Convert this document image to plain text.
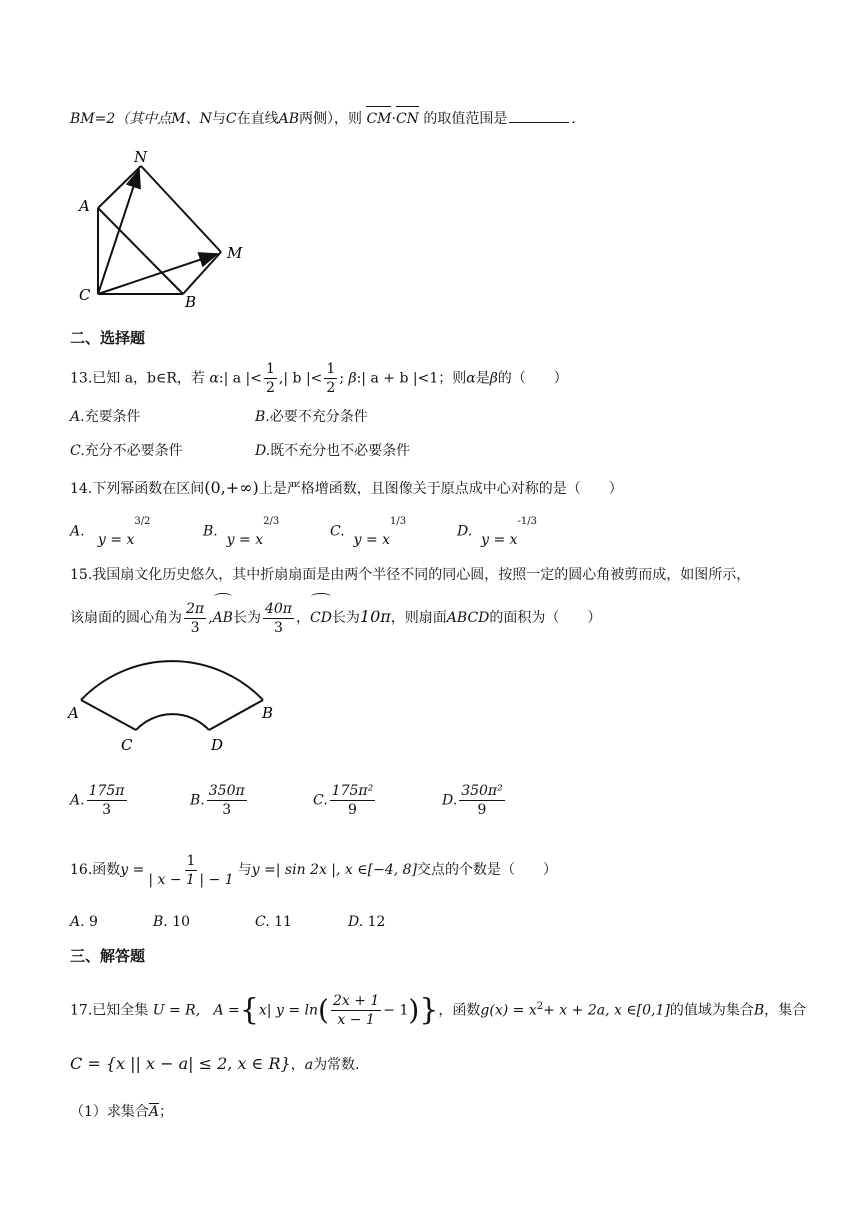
BM=2（其中点M、N与C在直线AB两侧），则 CM·CN 的取值范围是	.
N
A
M
C	B
二、选择题
13.已知 a，b∈R，若 α:| a |< $\frac{1}{2}$ ,| b |< $\frac{1}{2}$ ; β:| a + b |<1；则α是β的（　　）
A.充要条件	B.必要不充分条件
C.充分不必要条件	D.既不充分也不必要条件
14.下列幂函数在区间(0,+∞)上是严格增函数，且图像关于原点成中心对称的是（　　）
A. $y = x^{3/2}$
B. $y = x^{2/3}$
C. $y = x^{1/3}$
D. $y = x^{-1/3}$
15.我国扇文化历史悠久，其中折扇扇面是由两个半径不同的同心圆，按照一定的圆心角被剪而成，如图所示，
该扇面的圆心角为 $\frac{2\pi}{3} ,AB$长为 $\frac{40\pi}{3}$ ，CD长为10π，则扇面ABCD的面积为（　　）
A	B
C	D
A. $\frac{175\pi}{3}$	B. $\frac{350\pi}{3}$	C. $\frac{\text{175π²}}{9}$	D. $\frac{\text{350π²}}{9}$
16.函数$y = \frac{1}{| x - 1 | - 1}$ 与y =| sin 2x |, x ∈[−4, 8]交点的个数是（　　）
A. 9	B. 10	C. 11	D. 12
三、解答题
17.已知全集 U = R, A ={x| $y = \ln( \frac{2x + 1}{x - 1} - 1)$}，函数$g(x) = x^2+ x + 2a$, x ∈[0,1]的值域为集合B，集合
C = {x || x − a| ≤ 2, x ∈ R}，a为常数.
（1）求集合$\overline{A}$；
